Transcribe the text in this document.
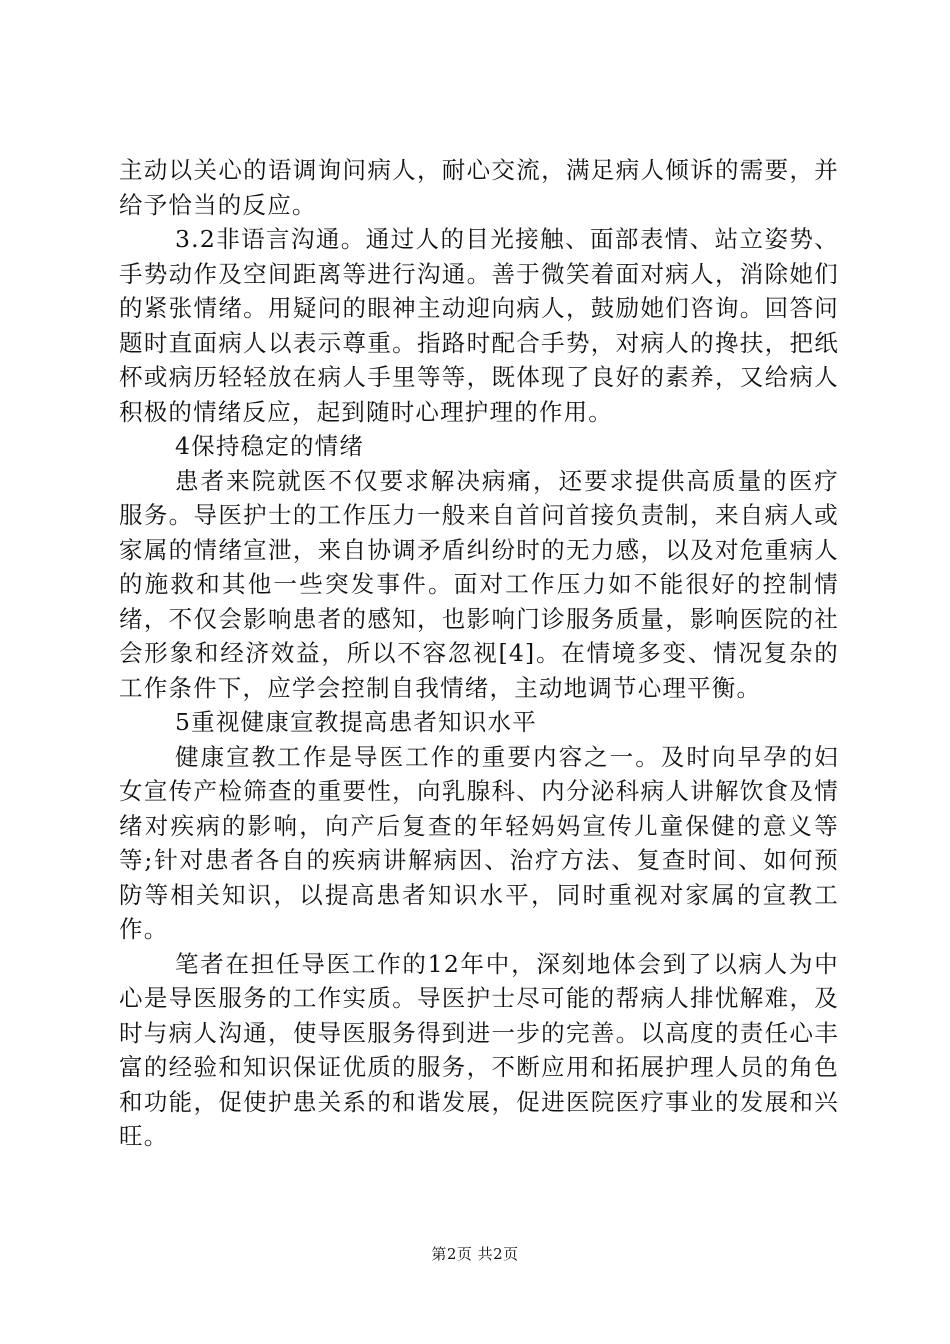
主动以关心的语调询问病人，耐心交流，满足病人倾诉的需要，并给予恰当的反应。

3.2非语言沟通。通过人的目光接触、面部表情、站立姿势、手势动作及空间距离等进行沟通。善于微笑着面对病人，消除她们的紧张情绪。用疑问的眼神主动迎向病人，鼓励她们咨询。回答问题时直面病人以表示尊重。指路时配合手势，对病人的搀扶，把纸杯或病历轻轻放在病人手里等等，既体现了良好的素养，又给病人积极的情绪反应，起到随时心理护理的作用。

4保持稳定的情绪

患者来院就医不仅要求解决病痛，还要求提供高质量的医疗服务。导医护士的工作压力一般来自首问首接负责制，来自病人或家属的情绪宣泄，来自协调矛盾纠纷时的无力感，以及对危重病人的施救和其他一些突发事件。面对工作压力如不能很好的控制情绪，不仅会影响患者的感知，也影响门诊服务质量，影响医院的社会形象和经济效益，所以不容忽视[4]。在情境多变、情况复杂的工作条件下，应学会控制自我情绪，主动地调节心理平衡。

5重视健康宣教提高患者知识水平

健康宣教工作是导医工作的重要内容之一。及时向早孕的妇女宣传产检筛查的重要性，向乳腺科、内分泌科病人讲解饮食及情绪对疾病的影响，向产后复查的年轻妈妈宣传儿童保健的意义等等;针对患者各自的疾病讲解病因、治疗方法、复查时间、如何预防等相关知识，以提高患者知识水平，同时重视对家属的宣教工作。

笔者在担任导医工作的12年中，深刻地体会到了以病人为中心是导医服务的工作实质。导医护士尽可能的帮病人排忧解难，及时与病人沟通，使导医服务得到进一步的完善。以高度的责任心丰富的经验和知识保证优质的服务，不断应用和拓展护理人员的角色和功能，促使护患关系的和谐发展，促进医院医疗事业的发展和兴旺。

第2页 共2页
